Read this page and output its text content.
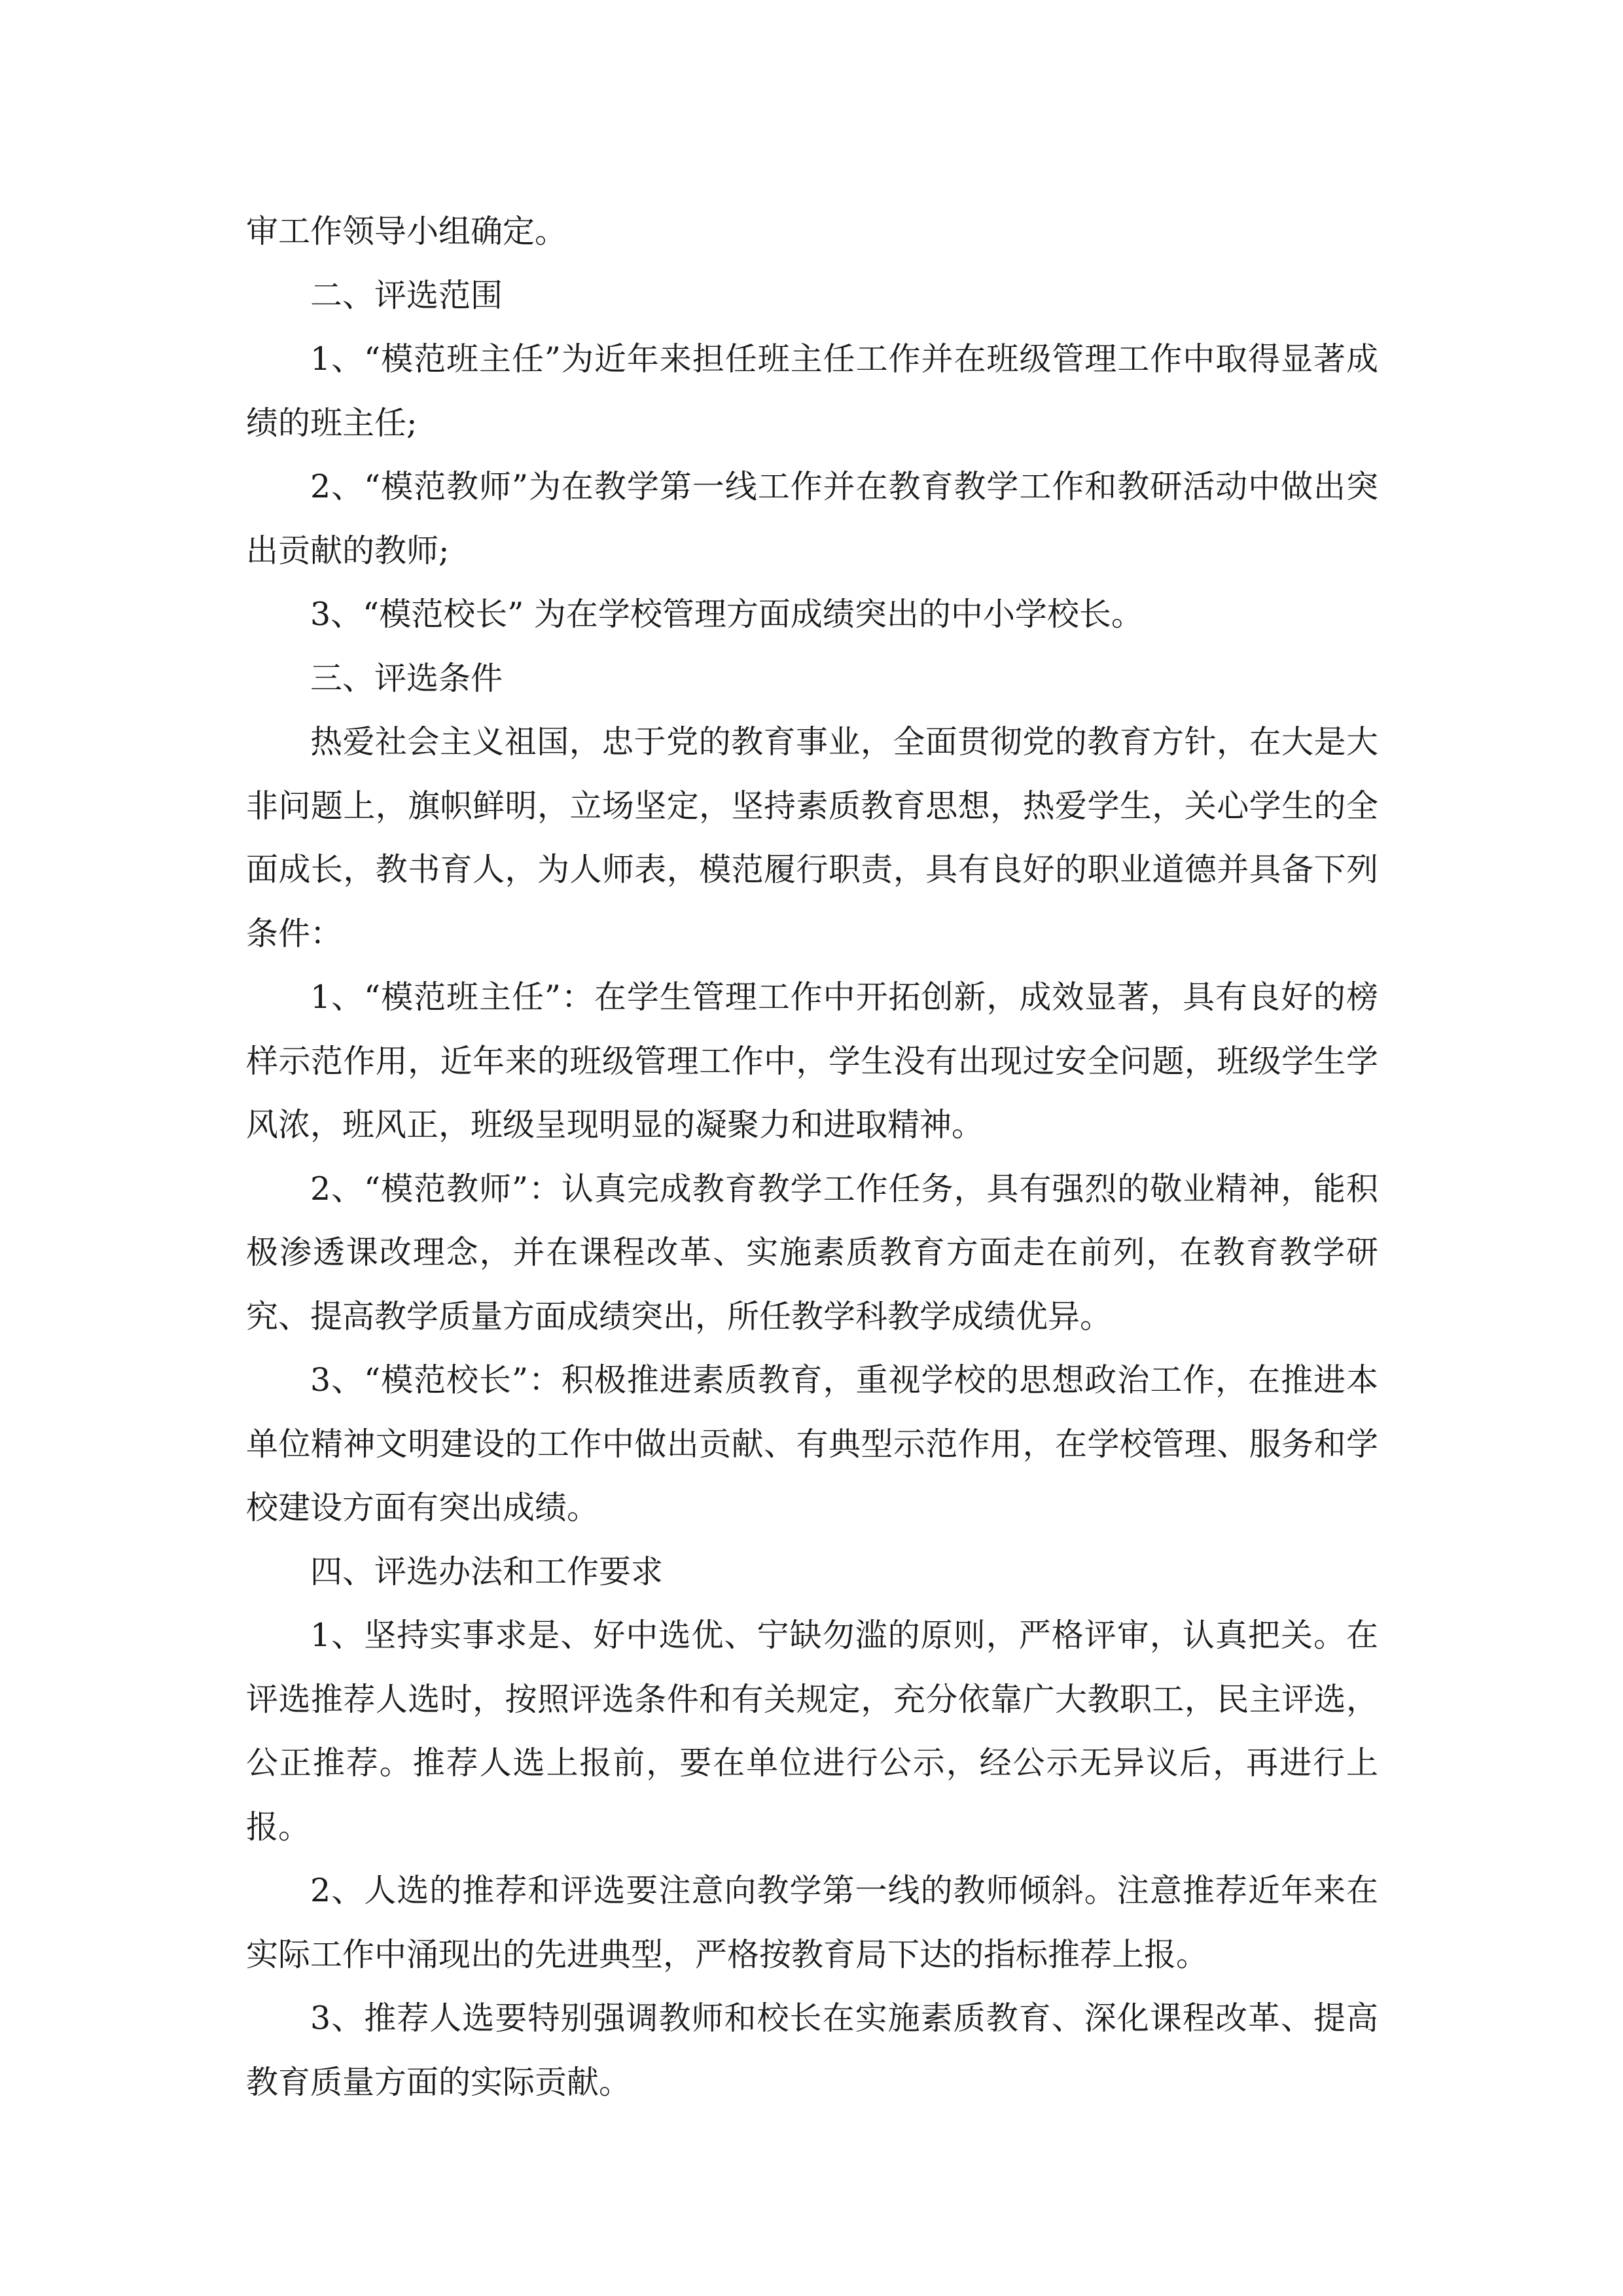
审工作领导小组确定。

二、评选范围

1、“模范班主任”为近年来担任班主任工作并在班级管理工作中取得显著成绩的班主任;

2、“模范教师”为在教学第一线工作并在教育教学工作和教研活动中做出突出贡献的教师;

3、“模范校长” 为在学校管理方面成绩突出的中小学校长。

三、评选条件

热爱社会主义祖国，忠于党的教育事业，全面贯彻党的教育方针，在大是大非问题上，旗帜鲜明，立场坚定，坚持素质教育思想，热爱学生，关心学生的全面成长，教书育人，为人师表，模范履行职责，具有良好的职业道德并具备下列条件：

1、“模范班主任”：在学生管理工作中开拓创新，成效显著，具有良好的榜样示范作用，近年来的班级管理工作中，学生没有出现过安全问题，班级学生学风浓，班风正，班级呈现明显的凝聚力和进取精神。

2、“模范教师”：认真完成教育教学工作任务，具有强烈的敬业精神，能积极渗透课改理念，并在课程改革、实施素质教育方面走在前列，在教育教学研究、提高教学质量方面成绩突出，所任教学科教学成绩优异。

3、“模范校长”：积极推进素质教育，重视学校的思想政治工作，在推进本单位精神文明建设的工作中做出贡献、有典型示范作用，在学校管理、服务和学校建设方面有突出成绩。

四、评选办法和工作要求

1、坚持实事求是、好中选优、宁缺勿滥的原则，严格评审，认真把关。在评选推荐人选时，按照评选条件和有关规定，充分依靠广大教职工，民主评选，公正推荐。推荐人选上报前，要在单位进行公示，经公示无异议后，再进行上报。

2、人选的推荐和评选要注意向教学第一线的教师倾斜。注意推荐近年来在实际工作中涌现出的先进典型，严格按教育局下达的指标推荐上报。

3、推荐人选要特别强调教师和校长在实施素质教育、深化课程改革、提高教育质量方面的实际贡献。
